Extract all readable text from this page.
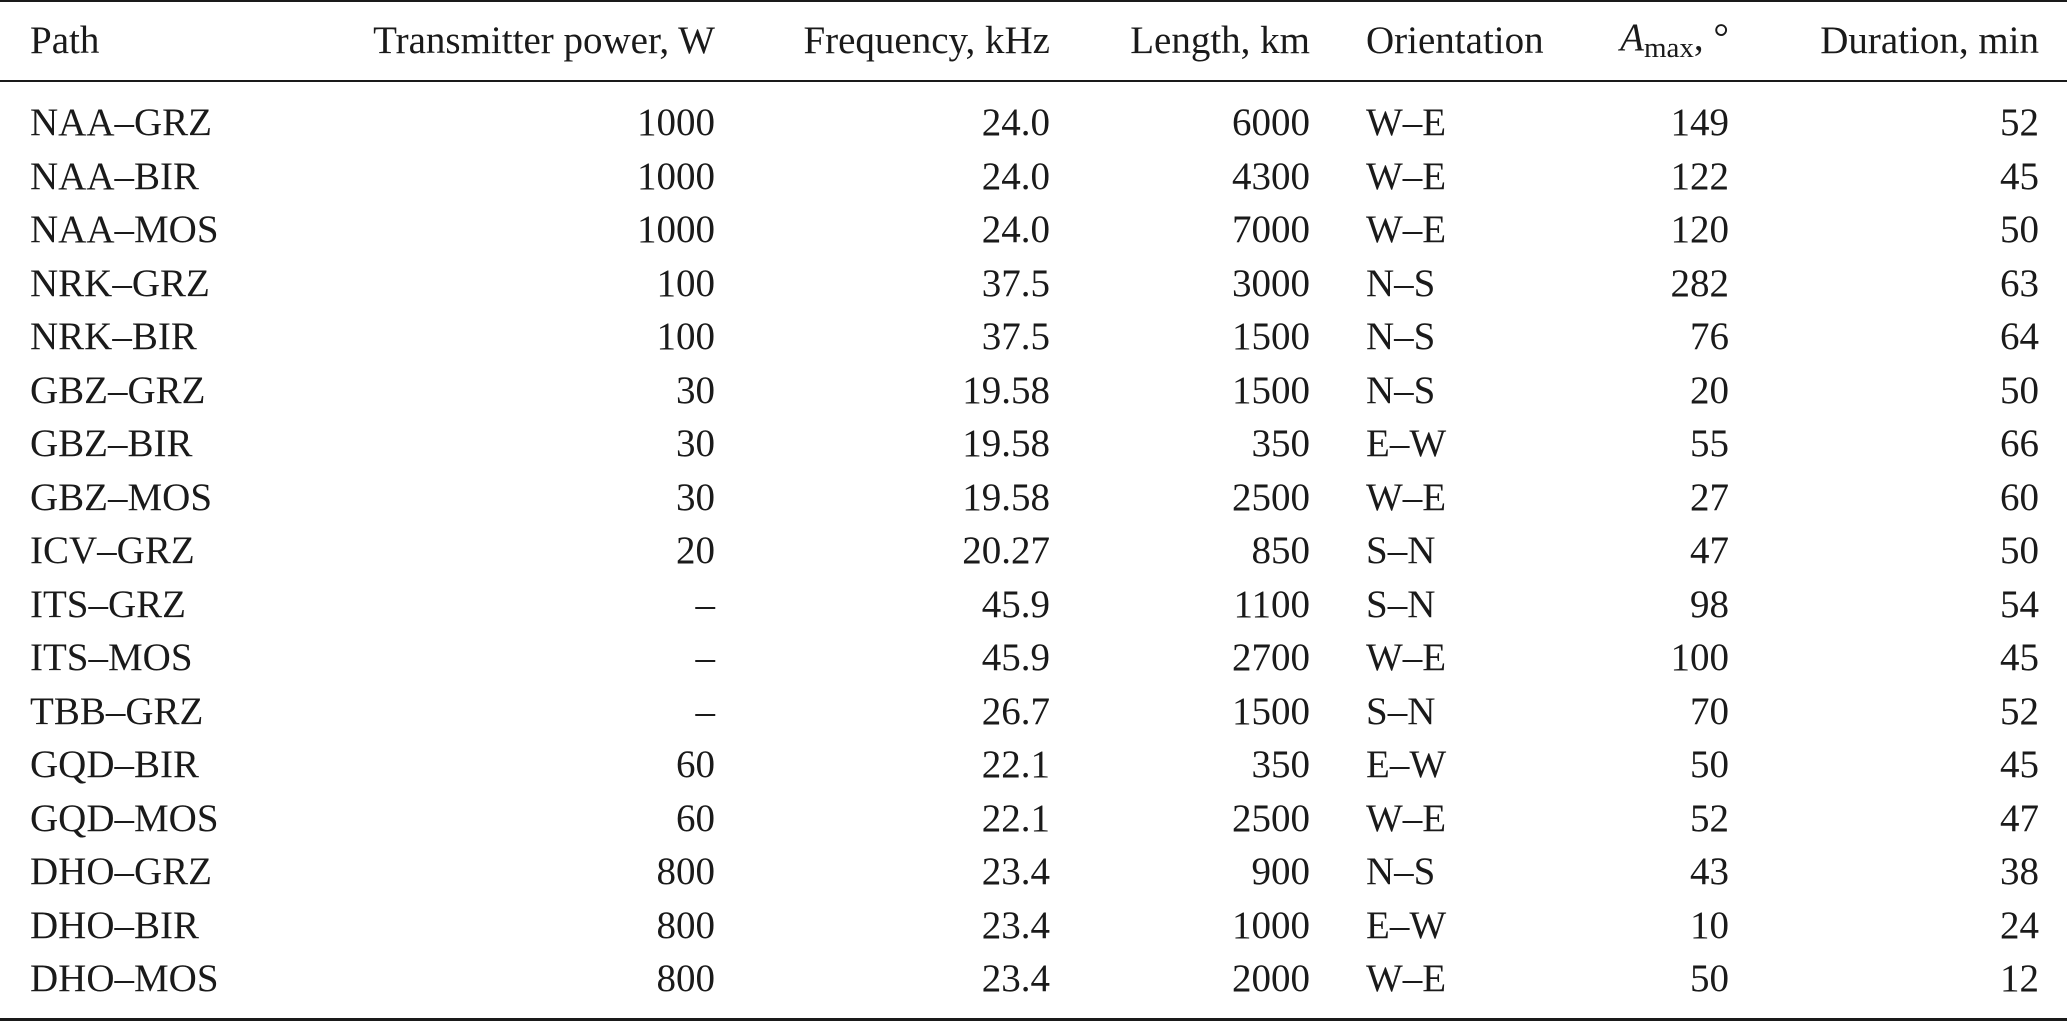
Path	Transmitter power, W	Frequency, kHz	Length, km	Orientation	$A_{max}$, °	Duration, min

NAA–GRZ	1000	24.0	6000	W–E	149	52
NAA–BIR	1000	24.0	4300	W–E	122	45
NAA–MOS	1000	24.0	7000	W–E	120	50
NRK–GRZ	100	37.5	3000	N–S	282	63
NRK–BIR	100	37.5	1500	N–S	76	64
GBZ–GRZ	30	19.58	1500	N–S	20	50
GBZ–BIR	30	19.58	350	E–W	55	66
GBZ–MOS	30	19.58	2500	W–E	27	60
ICV–GRZ	20	20.27	850	S–N	47	50
ITS–GRZ	–	45.9	1100	S–N	98	54
ITS–MOS	–	45.9	2700	W–E	100	45
TBB–GRZ	–	26.7	1500	S–N	70	52
GQD–BIR	60	22.1	350	E–W	50	45
GQD–MOS	60	22.1	2500	W–E	52	47
DHO–GRZ	800	23.4	900	N–S	43	38
DHO–BIR	800	23.4	1000	E–W	10	24
DHO–MOS	800	23.4	2000	W–E	50	12
